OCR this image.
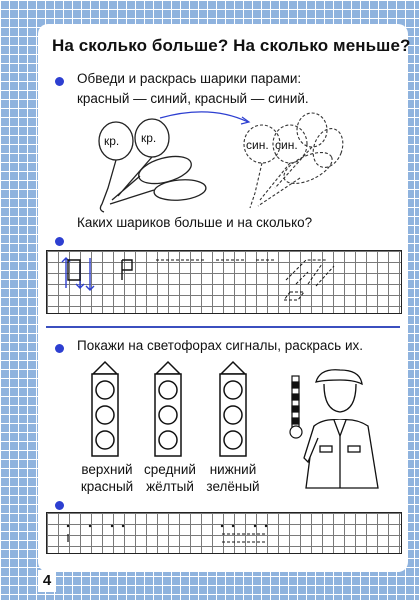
На сколько больше? На сколько меньше?
Обведи и раскрась шарики парами:
красный — синий, красный — синий.
кр. кр.	син. син.
Каких шариков больше и на сколько?
Покажи на светофорах сигналы, раскрась их.
верхний
красный
средний
жёлтый
нижний
зелёный
4
